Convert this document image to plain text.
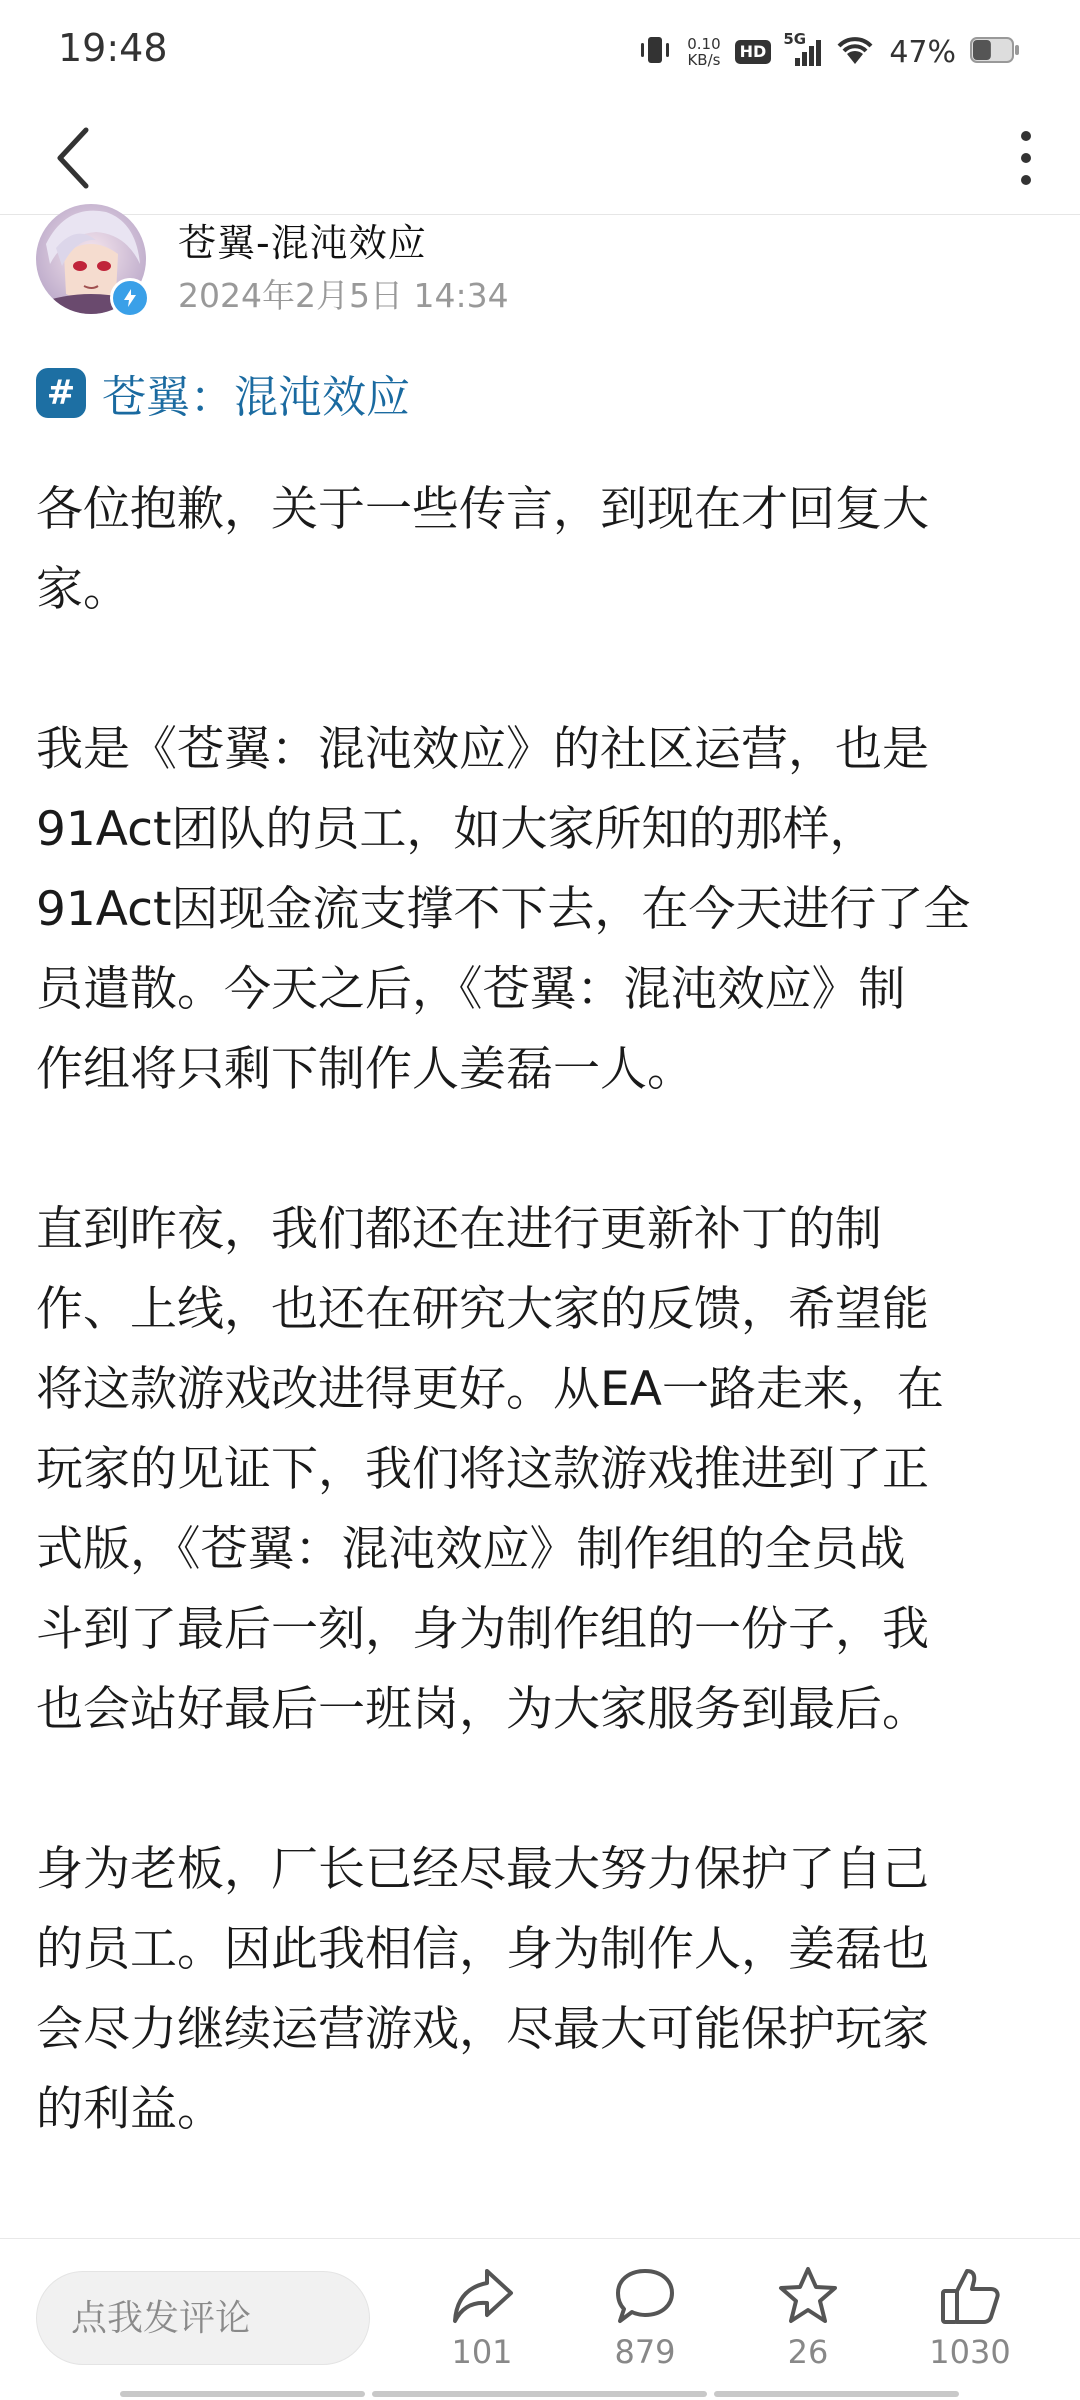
19:48	0.10
KB/s	HD
5G	47%
苍翼-混沌效应
2024年2月5日 14:34
# 苍翼：混沌效应

各位抱歉，关于一些传言，到现在才回复大
家。

我是《苍翼：混沌效应》的社区运营，也是
91Act团队的员工，如大家所知的那样，
91Act因现金流支撑不下去，在今天进行了全
员遣散。今天之后，《苍翼：混沌效应》制
作组将只剩下制作人姜磊一人。

直到昨夜，我们都还在进行更新补丁的制
作、上线，也还在研究大家的反馈，希望能
将这款游戏改进得更好。从EA一路走来，在
玩家的见证下，我们将这款游戏推进到了正
式版，《苍翼：混沌效应》制作组的全员战
斗到了最后一刻，身为制作组的一份子，我
也会站好最后一班岗，为大家服务到最后。

身为老板，厂长已经尽最大努力保护了自己
的员工。因此我相信，身为制作人，姜磊也
会尽力继续运营游戏，尽最大可能保护玩家
的利益。

点我发评论
101	879	26	1030
